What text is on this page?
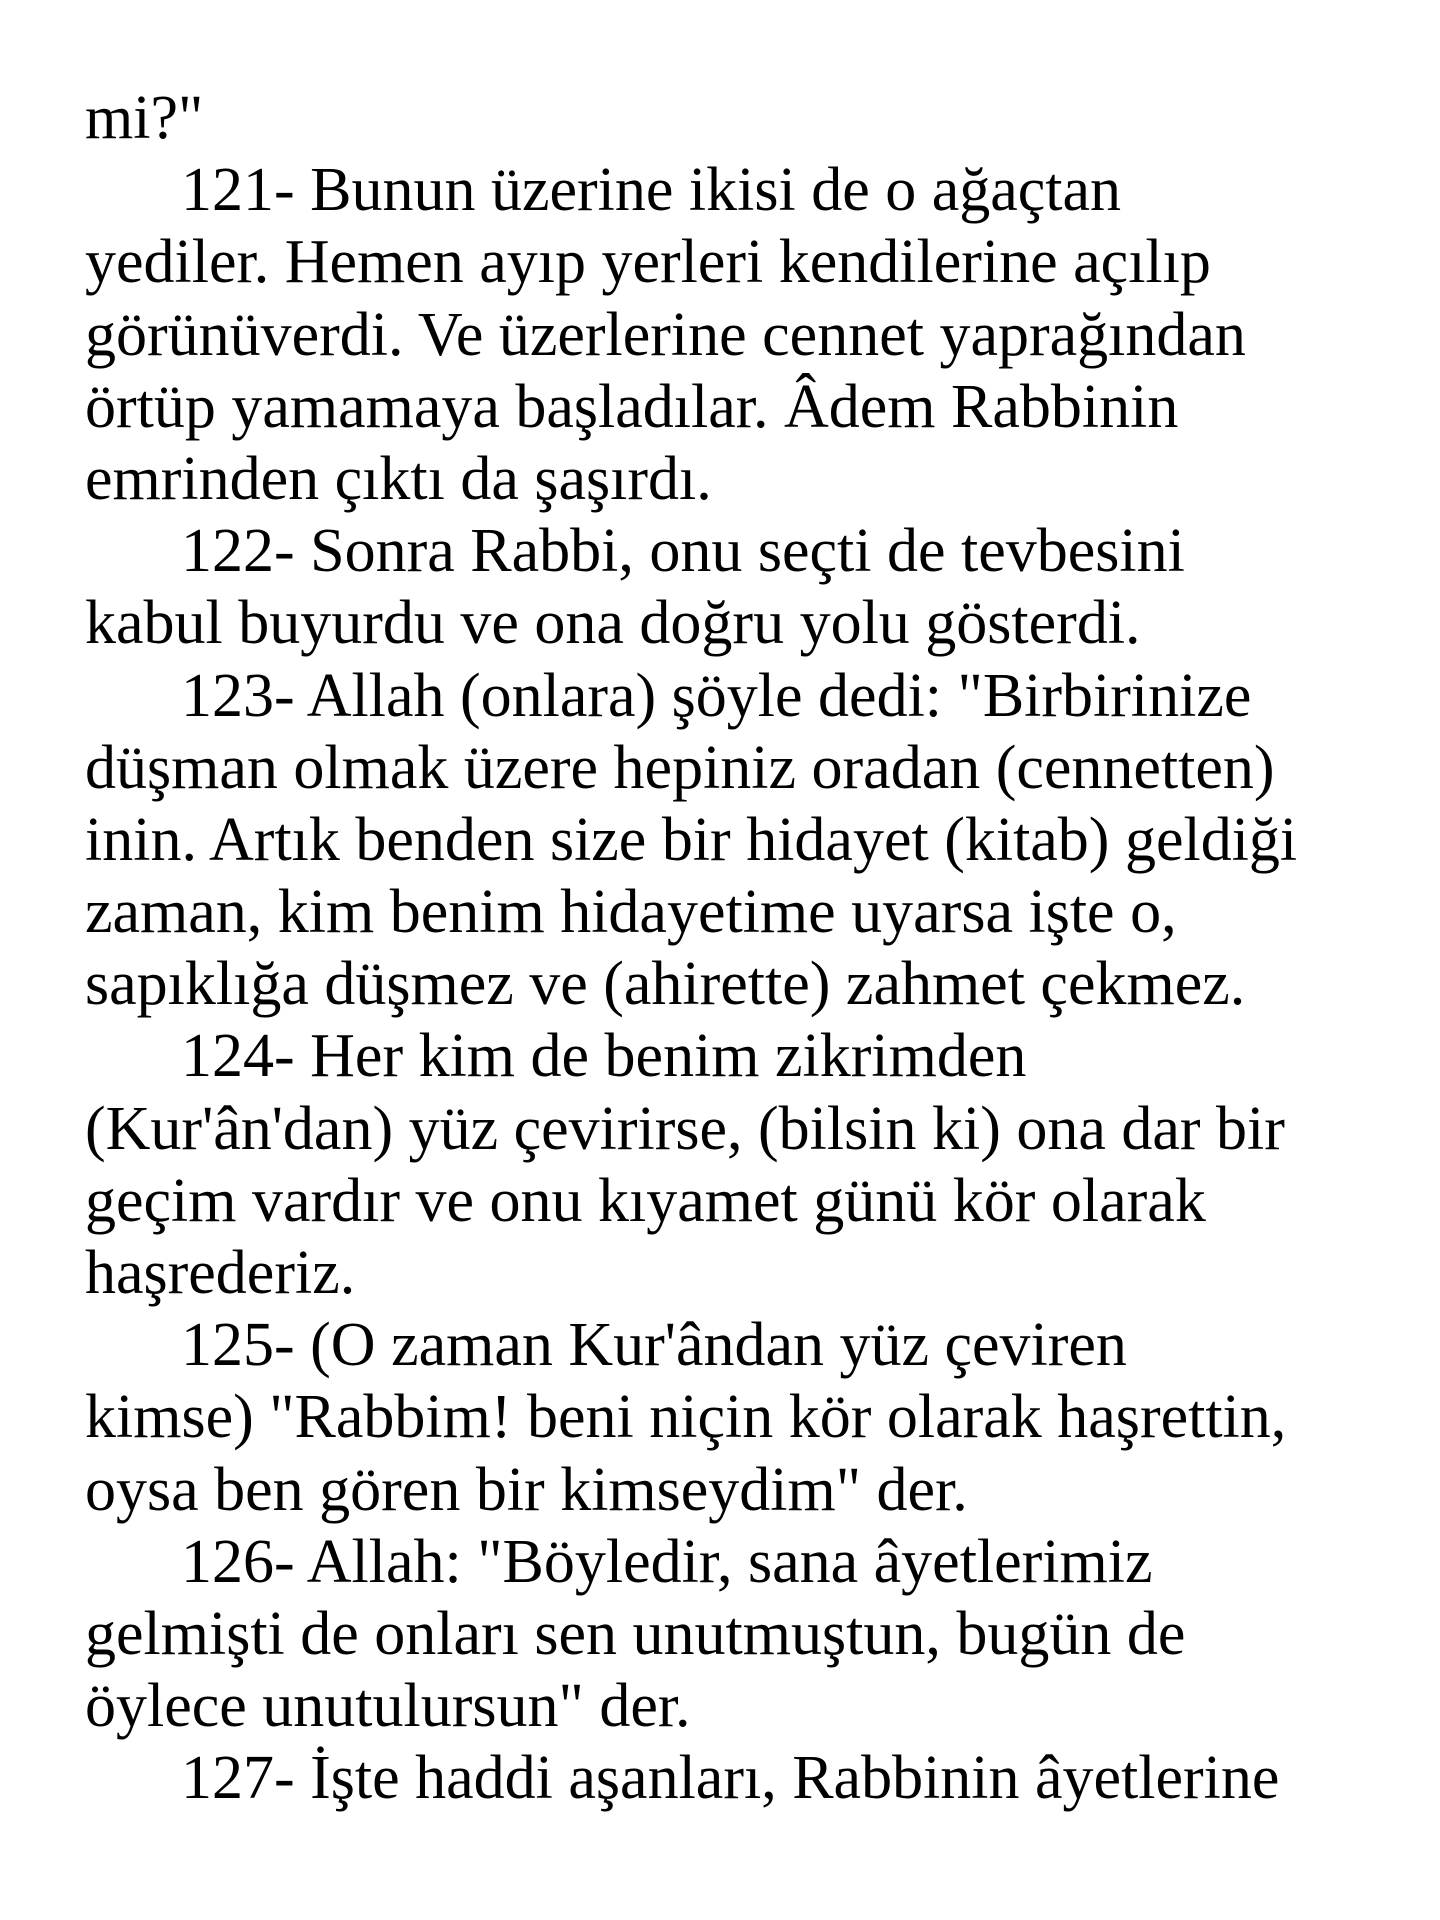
mi?"
121- Bunun üzerine ikisi de o ağaçtan
yediler. Hemen ayıp yerleri kendilerine açılıp
görünüverdi. Ve üzerlerine cennet yaprağından
örtüp yamamaya başladılar. Âdem Rabbinin
emrinden çıktı da şaşırdı.
122- Sonra Rabbi, onu seçti de tevbesini
kabul buyurdu ve ona doğru yolu gösterdi.
123- Allah (onlara) şöyle dedi: "Birbirinize
düşman olmak üzere hepiniz oradan (cennetten)
inin. Artık benden size bir hidayet (kitab) geldiği
zaman, kim benim hidayetime uyarsa işte o,
sapıklığa düşmez ve (ahirette) zahmet çekmez.
124- Her kim de benim zikrimden
(Kur'ân'dan) yüz çevirirse, (bilsin ki) ona dar bir
geçim vardır ve onu kıyamet günü kör olarak
haşrederiz.
125- (O zaman Kur'ândan yüz çeviren
kimse) "Rabbim! beni niçin kör olarak haşrettin,
oysa ben gören bir kimseydim" der.
126- Allah: "Böyledir, sana âyetlerimiz
gelmişti de onları sen unutmuştun, bugün de
öylece unutulursun" der.
127- İşte haddi aşanları, Rabbinin âyetlerine
